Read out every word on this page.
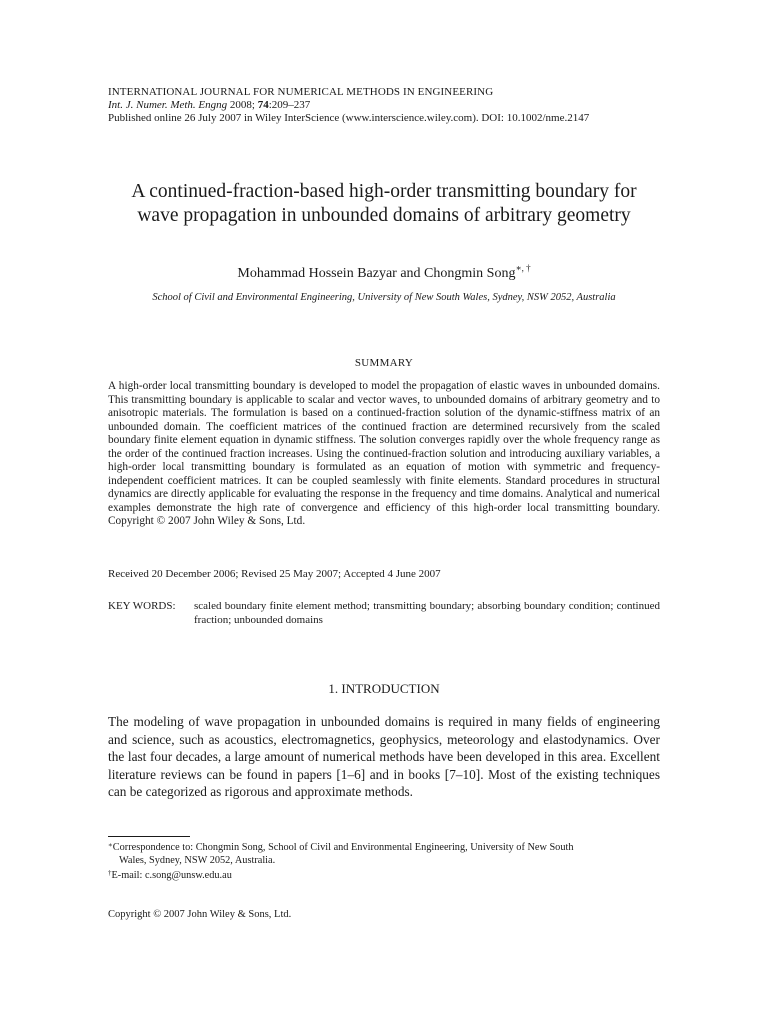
INTERNATIONAL JOURNAL FOR NUMERICAL METHODS IN ENGINEERING
Int. J. Numer. Meth. Engng 2008; 74:209–237
Published online 26 July 2007 in Wiley InterScience (www.interscience.wiley.com). DOI: 10.1002/nme.2147
A continued-fraction-based high-order transmitting boundary for
wave propagation in unbounded domains of arbitrary geometry
Mohammad Hossein Bazyar and Chongmin Song∗, †
School of Civil and Environmental Engineering, University of New South Wales, Sydney, NSW 2052, Australia
SUMMARY
A high-order local transmitting boundary is developed to model the propagation of elastic waves in unbounded domains. This transmitting boundary is applicable to scalar and vector waves, to unbounded domains of arbitrary geometry and to anisotropic materials. The formulation is based on a continued-fraction solution of the dynamic-stiffness matrix of an unbounded domain. The coefficient matrices of the continued fraction are determined recursively from the scaled boundary finite element equation in dynamic stiffness. The solution converges rapidly over the whole frequency range as the order of the continued fraction increases. Using the continued-fraction solution and introducing auxiliary variables, a high-order local transmitting boundary is formulated as an equation of motion with symmetric and frequency-independent coefficient matrices. It can be coupled seamlessly with finite elements. Standard procedures in structural dynamics are directly applicable for evaluating the response in the frequency and time domains. Analytical and numerical examples demonstrate the high rate of convergence and efficiency of this high-order local transmitting boundary. Copyright © 2007 John Wiley & Sons, Ltd.
Received 20 December 2006; Revised 25 May 2007; Accepted 4 June 2007
KEY WORDS:	scaled boundary finite element method; transmitting boundary; absorbing boundary condition; continued fraction; unbounded domains
1. INTRODUCTION
The modeling of wave propagation in unbounded domains is required in many fields of engineering and science, such as acoustics, electromagnetics, geophysics, meteorology and elastodynamics. Over the last four decades, a large amount of numerical methods have been developed in this area. Excellent literature reviews can be found in papers [1–6] and in books [7–10]. Most of the existing techniques can be categorized as rigorous and approximate methods.
∗Correspondence to: Chongmin Song, School of Civil and Environmental Engineering, University of New South
Wales, Sydney, NSW 2052, Australia.
†E-mail: c.song@unsw.edu.au
Copyright © 2007 John Wiley & Sons, Ltd.
